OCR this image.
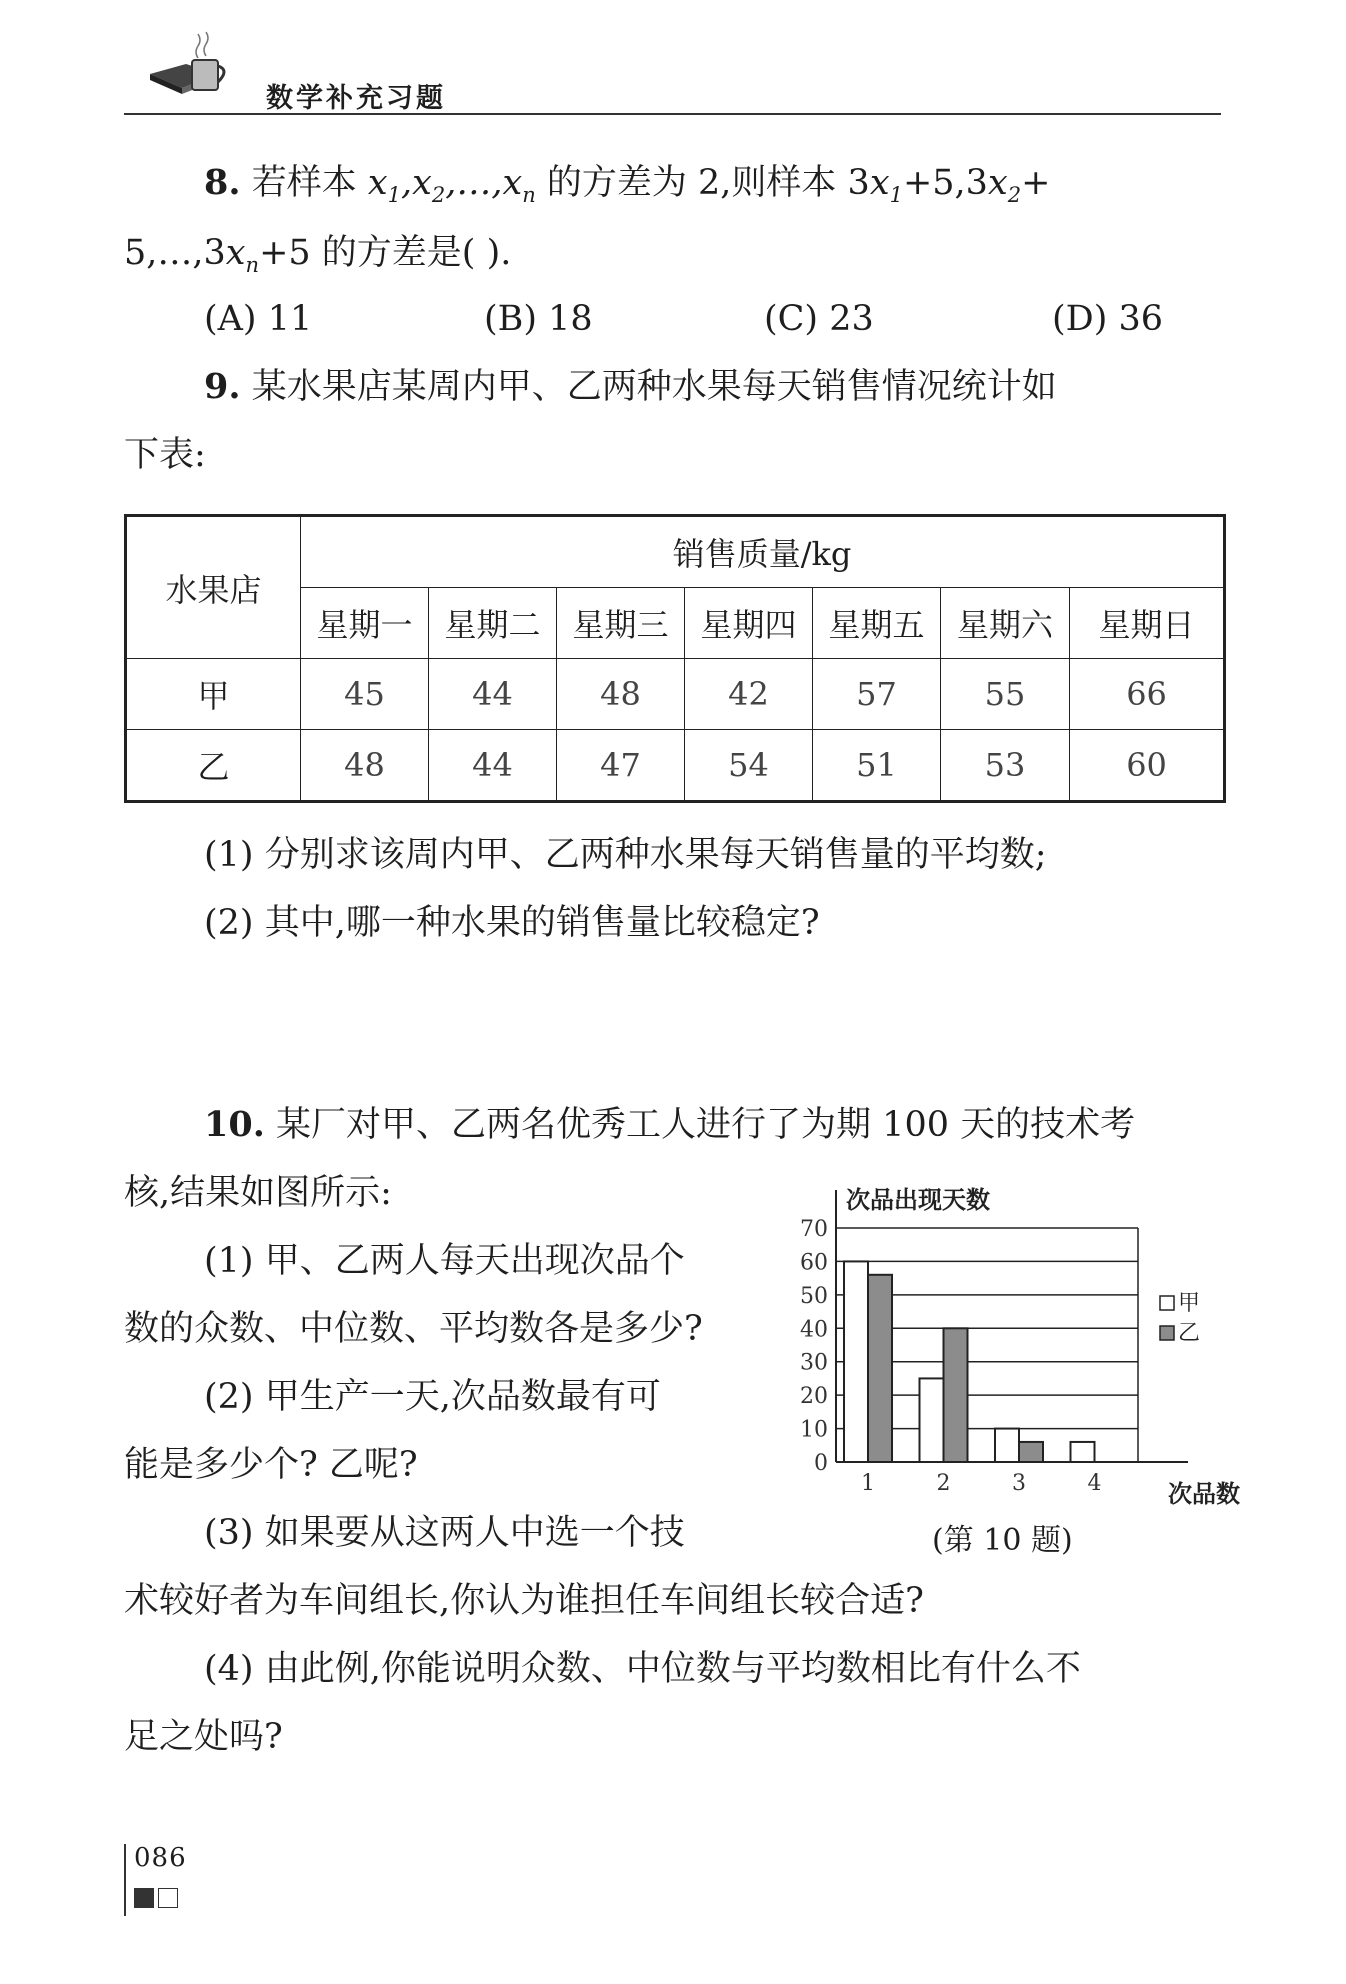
数学补充习题
8. 若样本 $x_1,x_2,\dots,x_n$ 的方差为 2,则样本 $3x_1+5,3x_2+$
$5,\dots,3x_n+5$ 的方差是( ).
(A) 11	(B) 18	(C) 23	(D) 36
9. 某水果店某周内甲、乙两种水果每天销售情况统计如
下表:
水果店	销售质量/kg						
	星期一	星期二	星期三	星期四	星期五	星期六	星期日
甲	45	44	48	42	57	55	66
乙	48	44	47	54	51	53	60
(1) 分别求该周内甲、乙两种水果每天销售量的平均数;
(2) 其中,哪一种水果的销售量比较稳定?
10. 某厂对甲、乙两名优秀工人进行了为期 100 天的技术考
核,结果如图所示:
(1) 甲、乙两人每天出现次品个
数的众数、中位数、平均数各是多少?
(2) 甲生产一天,次品数最有可
能是多少个? 乙呢?
(3) 如果要从这两人中选一个技
术较好者为车间组长,你认为谁担任车间组长较合适?
(4) 由此例,你能说明众数、中位数与平均数相比有什么不
足之处吗?
0
10
20
30
40
50
60
70
次品出现天数
次品数
1	2	3	4
甲
乙
(第 10 题)
086
